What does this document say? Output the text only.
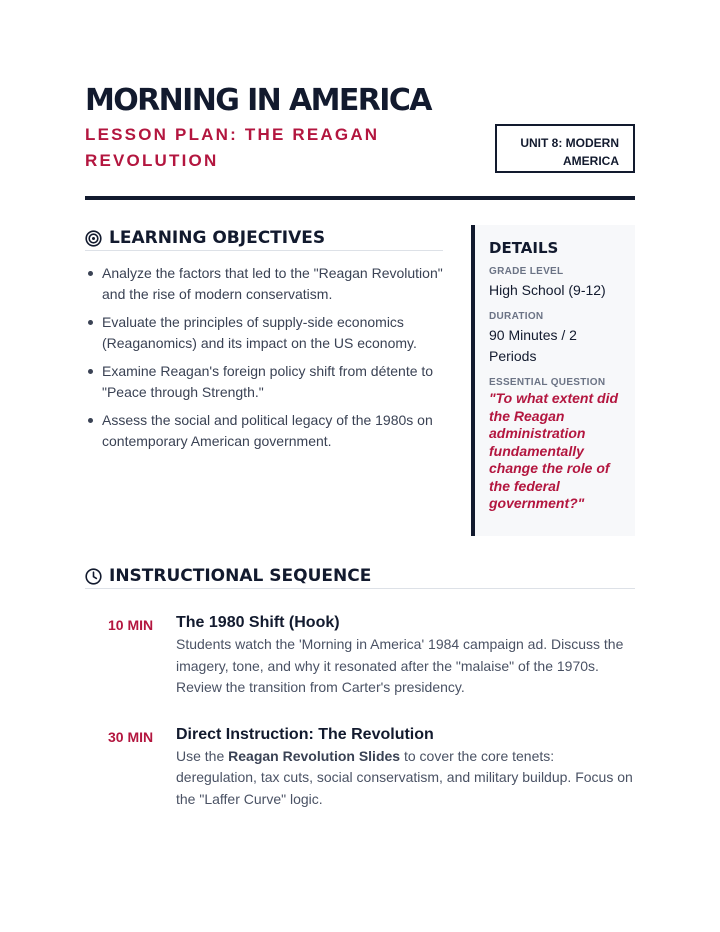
MORNING IN AMERICA

LESSON PLAN: THE REAGAN REVOLUTION

UNIT 8: MODERN AMERICA
LEARNING OBJECTIVES
Analyze the factors that led to the "Reagan Revolution" and the rise of modern conservatism.
Evaluate the principles of supply-side economics (Reaganomics) and its impact on the US economy.
Examine Reagan's foreign policy shift from détente to "Peace through Strength."
Assess the social and political legacy of the 1980s on contemporary American government.
DETAILS
GRADE LEVEL
High School (9-12)
DURATION
90 Minutes / 2 Periods
ESSENTIAL QUESTION
"To what extent did the Reagan administration fundamentally change the role of the federal government?"
INSTRUCTIONAL SEQUENCE
10 MIN	The 1980 Shift (Hook)
Students watch the 'Morning in America' 1984 campaign ad. Discuss the imagery, tone, and why it resonated after the "malaise" of the 1970s. Review the transition from Carter's presidency.
30 MIN	Direct Instruction: The Revolution
Use the Reagan Revolution Slides to cover the core tenets: deregulation, tax cuts, social conservatism, and military buildup. Focus on the "Laffer Curve" logic.
